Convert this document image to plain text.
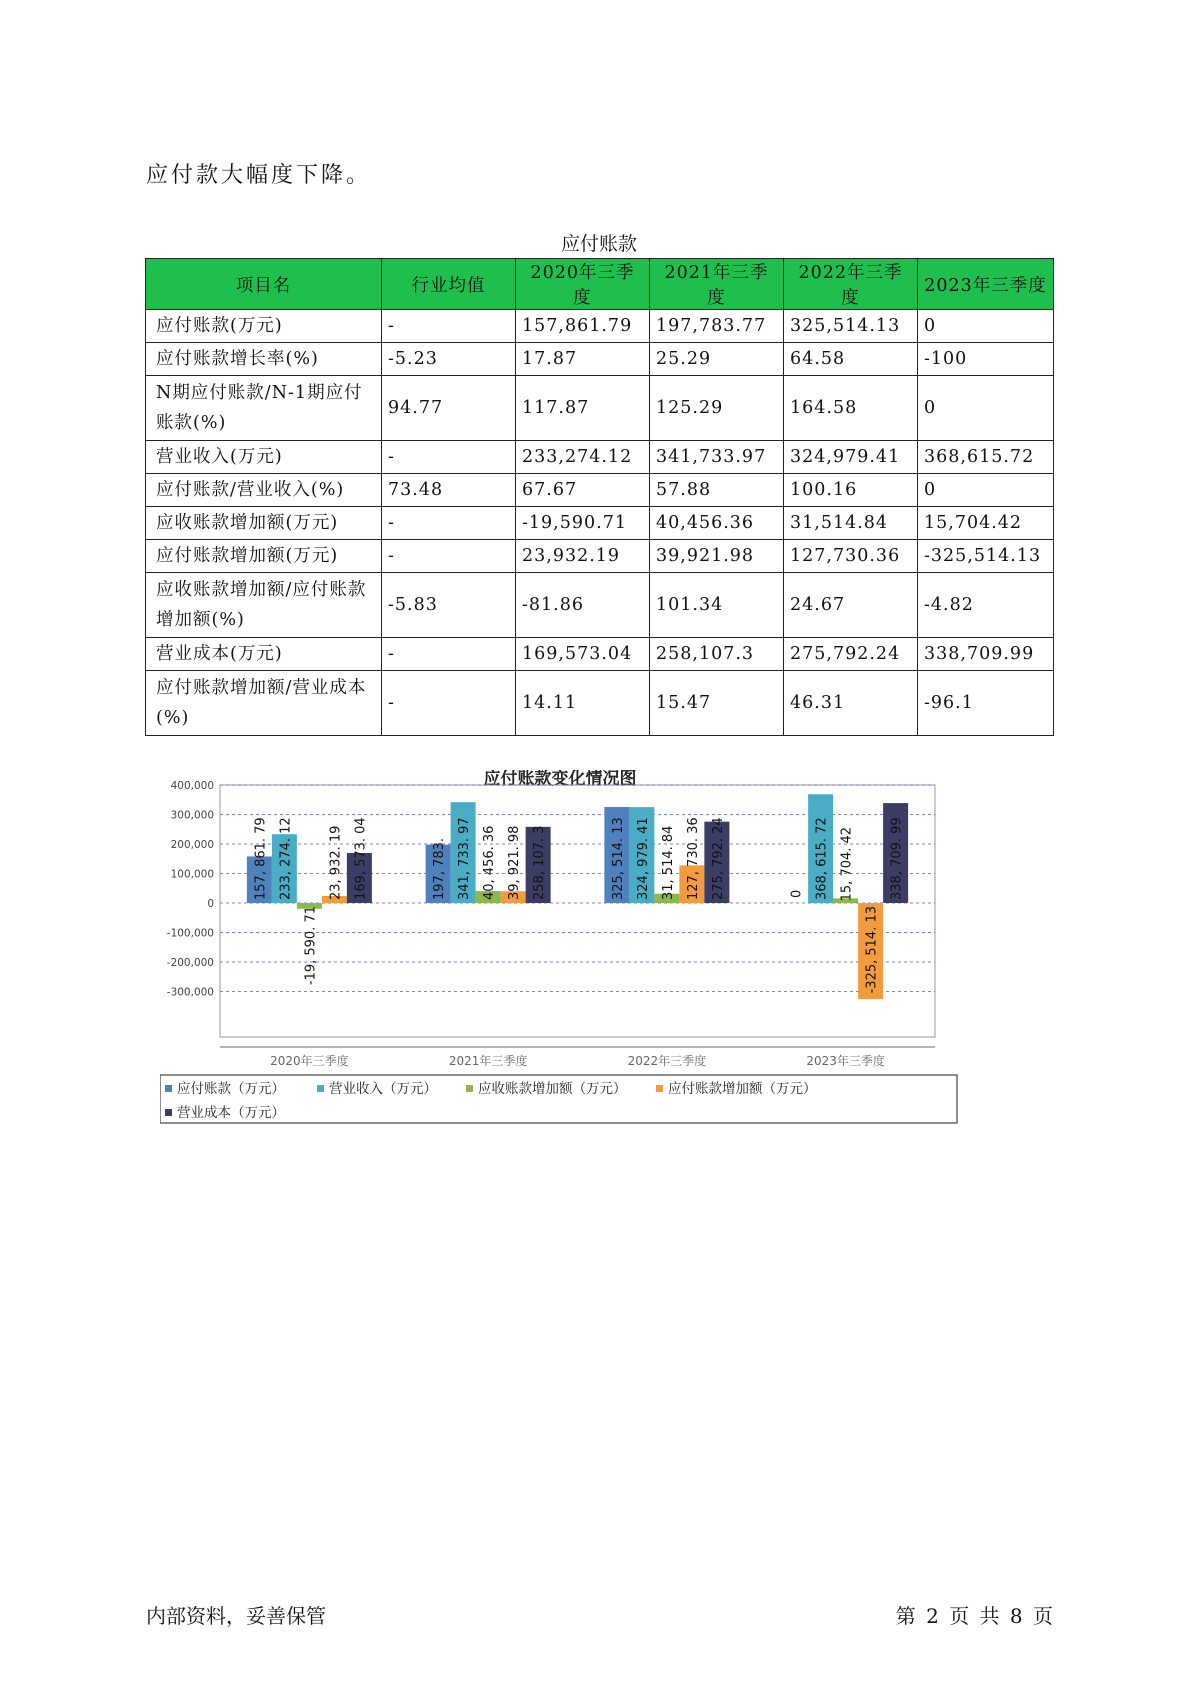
应付款大幅度下降。
应付账款
项目名	行业均值	2020年三季度	2021年三季度	2022年三季度	2023年三季度
应付账款(万元)	-	157,861.79	197,783.77	325,514.13	0
应付账款增长率(%)	-5.23	17.87	25.29	64.58	-100
N期应付账款/N-1期应付账款(%)	94.77	117.87	125.29	164.58	0
营业收入(万元)	-	233,274.12	341,733.97	324,979.41	368,615.72
应付账款/营业收入(%)	73.48	67.67	57.88	100.16	0
应收账款增加额(万元)	-	-19,590.71	40,456.36	31,514.84	15,704.42
应付账款增加额(万元)	-	23,932.19	39,921.98	127,730.36	-325,514.13
应收账款增加额/应付账款增加额(%)	-5.83	-81.86	101.34	24.67	-4.82
营业成本(万元)	-	169,573.04	258,107.3	275,792.24	338,709.99
应付账款增加额/营业成本(%)	-	14.11	15.47	46.31	-96.1
应付账款变化情况图
400,000
300,000
200,000
100,000
0
-100,000
-200,000
-300,000
157, 861. 79 233, 274. 12
-19, 590. 71
23, 932. 19 169, 573. 04
2020年三季度
197, 783. 341, 733. 97 40, 456. 36 39, 921. 98 258, 107. 3
2021年三季度
325, 514. 13 324, 979. 41 31, 514. 84 127, 730. 36 275, 792. 24
2022年三季度
0 368, 615. 72 15, 704. 42
-325, 514. 13
338, 709. 99
2023年三季度
应付账款（万元）	营业收入（万元）	应收账款增加额（万元）	应付账款增加额（万元）
营业成本（万元）
内部资料，妥善保管	第 2 页 共 8 页
